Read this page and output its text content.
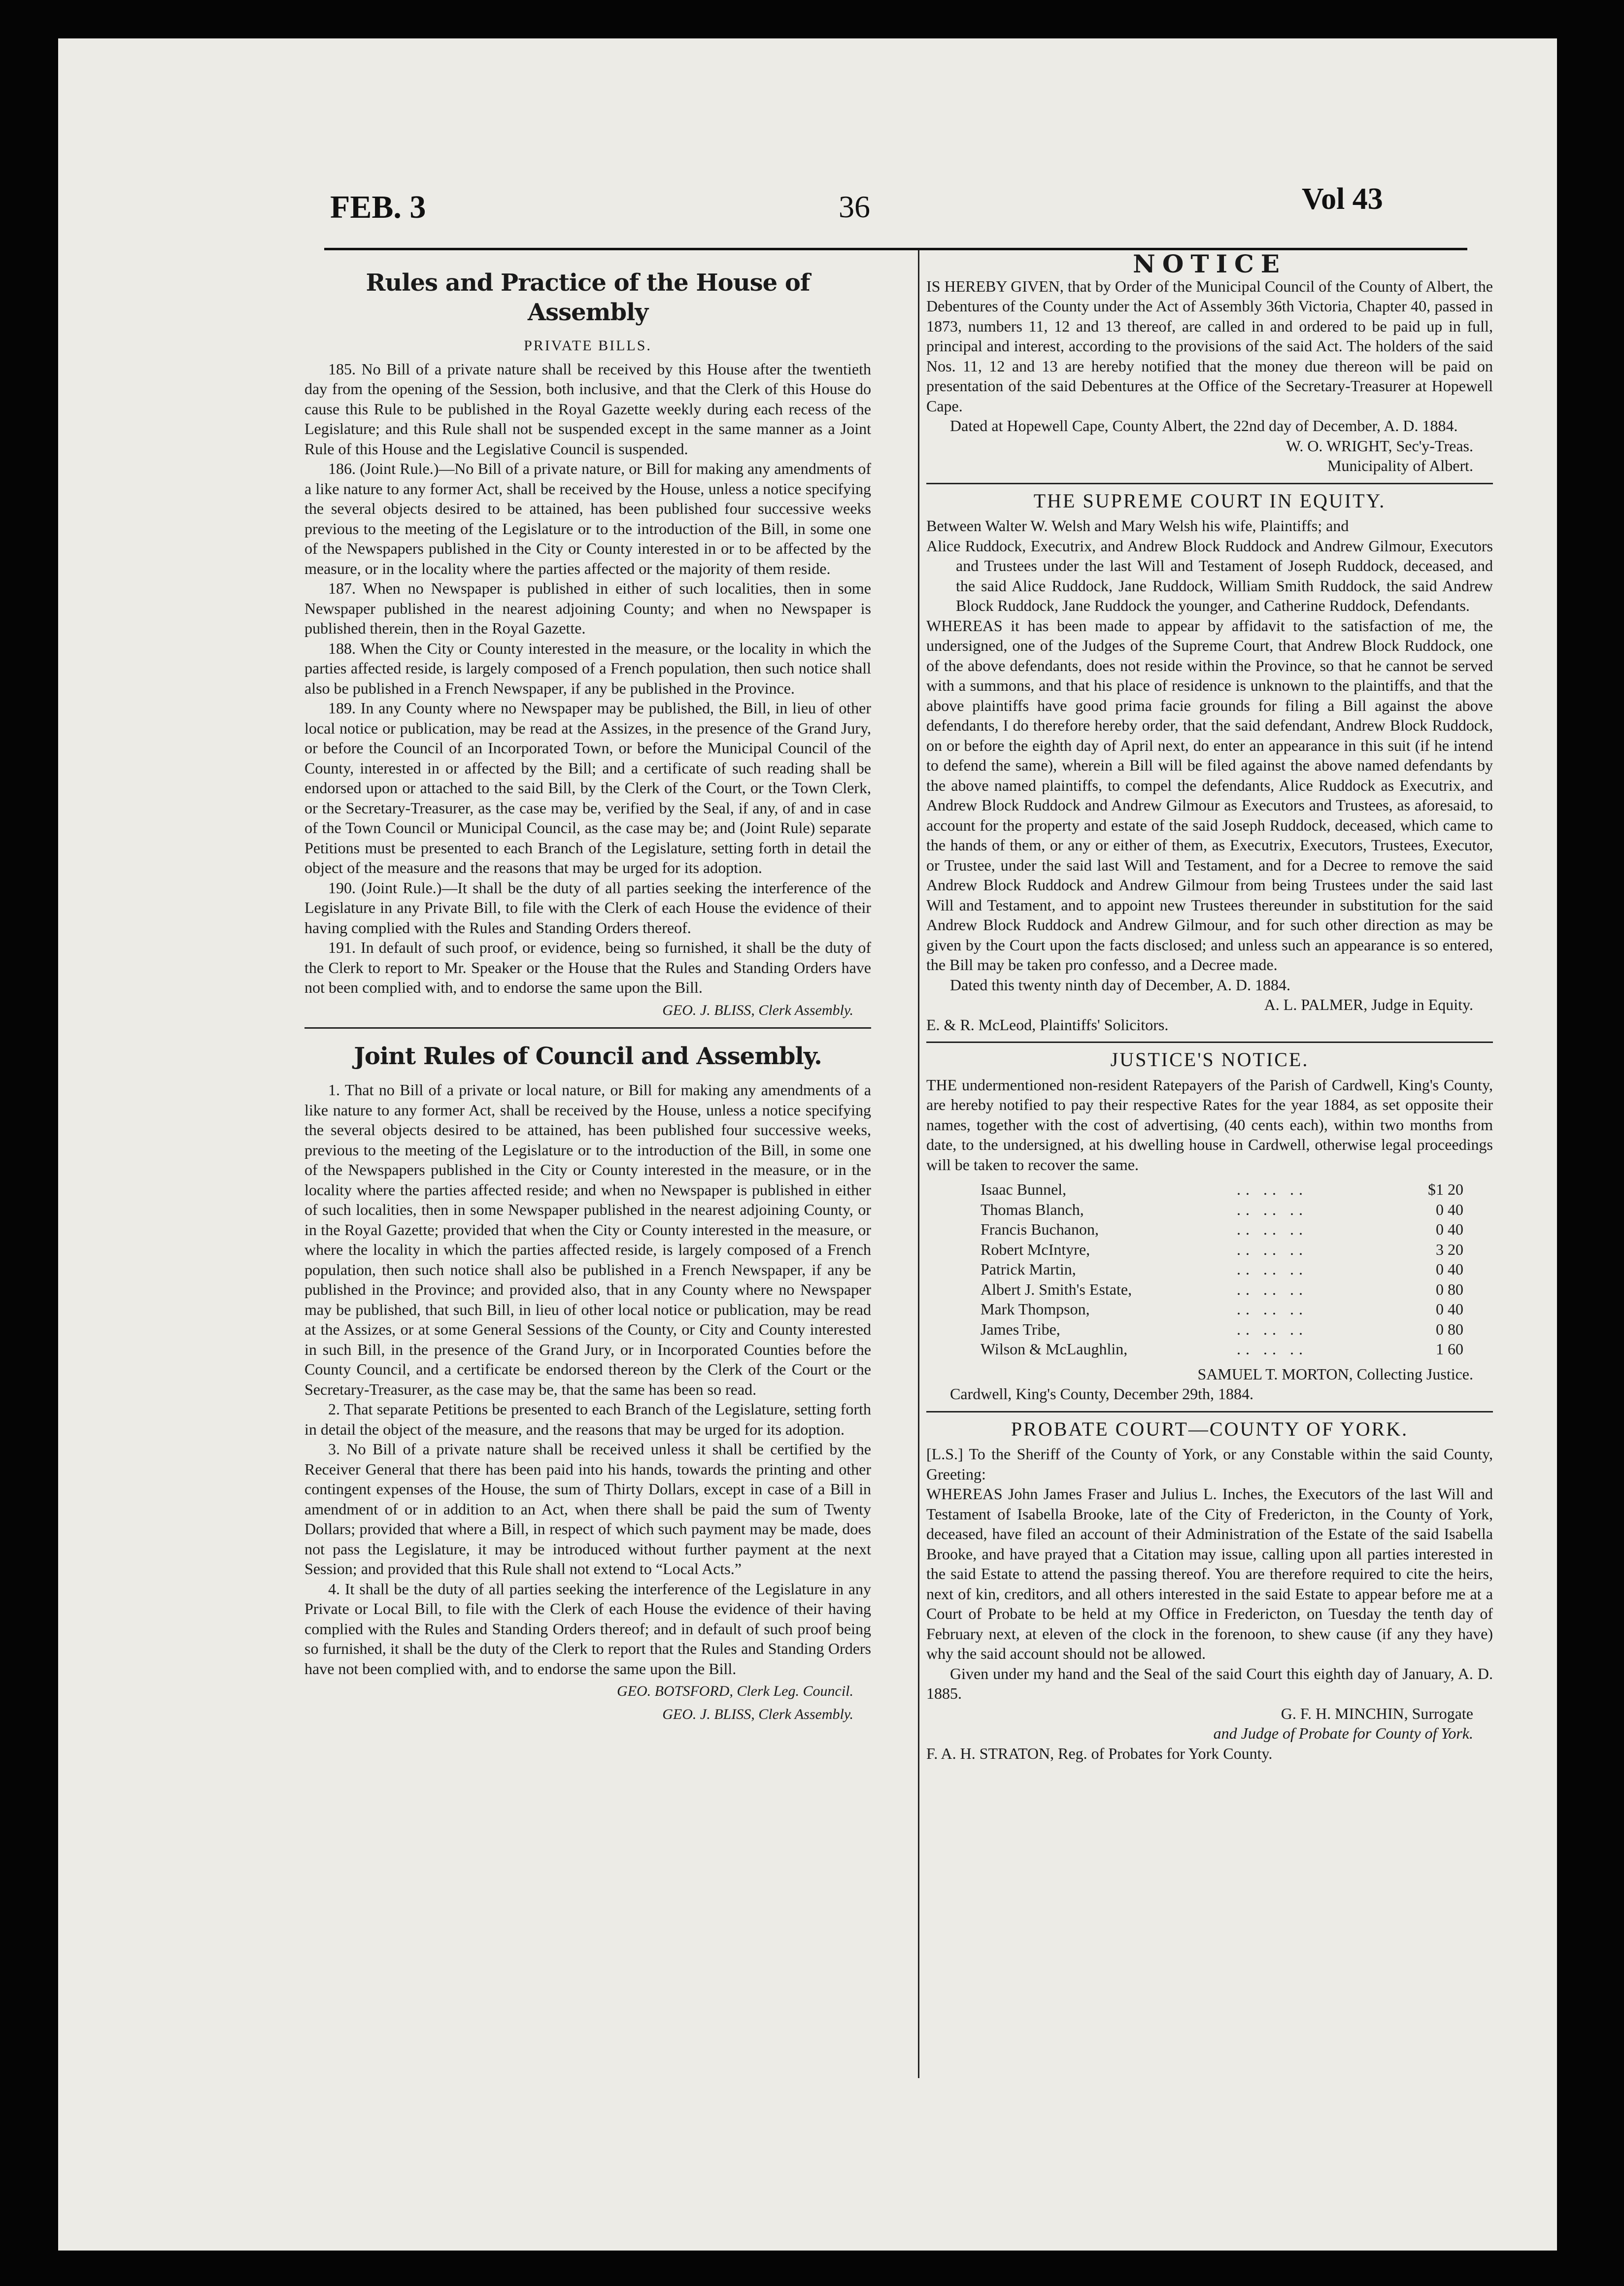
FEB. 3	36	Vol 43
Rules and Practice of the House of Assembly
PRIVATE BILLS.

185. No Bill of a private nature shall be received by this House after the twentieth day from the opening of the Session, both inclusive, and that the Clerk of this House do cause this Rule to be published in the Royal Gazette weekly during each recess of the Legislature; and this Rule shall not be suspended except in the same manner as a Joint Rule of this House and the Legislative Council is suspended.

186. (Joint Rule.)—No Bill of a private nature, or Bill for making any amendments of a like nature to any former Act, shall be received by the House, unless a notice specifying the several objects desired to be attained, has been published four successive weeks previous to the meeting of the Legislature or to the introduction of the Bill, in some one of the Newspapers published in the City or County interested in or to be affected by the measure, or in the locality where the parties affected or the majority of them reside.

187. When no Newspaper is published in either of such localities, then in some Newspaper published in the nearest adjoining County; and when no Newspaper is published therein, then in the Royal Gazette.

188. When the City or County interested in the measure, or the locality in which the parties affected reside, is largely composed of a French population, then such notice shall also be published in a French Newspaper, if any be published in the Province.

189. In any County where no Newspaper may be published, the Bill, in lieu of other local notice or publication, may be read at the Assizes, in the presence of the Grand Jury, or before the Council of an Incorporated Town, or before the Municipal Council of the County, interested in or affected by the Bill; and a certificate of such reading shall be endorsed upon or attached to the said Bill, by the Clerk of the Court, or the Town Clerk, or the Secretary-Treasurer, as the case may be, verified by the Seal, if any, of and in case of the Town Council or Municipal Council, as the case may be; and (Joint Rule) separate Petitions must be presented to each Branch of the Legislature, setting forth in detail the object of the measure and the reasons that may be urged for its adoption.

190. (Joint Rule.)—It shall be the duty of all parties seeking the interference of the Legislature in any Private Bill, to file with the Clerk of each House the evidence of their having complied with the Rules and Standing Orders thereof.

191. In default of such proof, or evidence, being so furnished, it shall be the duty of the Clerk to report to Mr. Speaker or the House that the Rules and Standing Orders have not been complied with, and to endorse the same upon the Bill.

GEO. J. BLISS, Clerk Assembly.
Joint Rules of Council and Assembly.

1. That no Bill of a private or local nature, or Bill for making any amendments of a like nature to any former Act, shall be received by the House, unless a notice specifying the several objects desired to be attained, has been published four successive weeks, previous to the meeting of the Legislature or to the introduction of the Bill, in some one of the Newspapers published in the City or County interested in the measure, or in the locality where the parties affected reside; and when no Newspaper is published in either of such localities, then in some Newspaper published in the nearest adjoining County, or in the Royal Gazette; provided that when the City or County interested in the measure, or where the locality in which the parties affected reside, is largely composed of a French population, then such notice shall also be published in a French Newspaper, if any be published in the Province; and provided also, that in any County where no Newspaper may be published, that such Bill, in lieu of other local notice or publication, may be read at the Assizes, or at some General Sessions of the County, or City and County interested in such Bill, in the presence of the Grand Jury, or in Incorporated Counties before the County Council, and a certificate be endorsed thereon by the Clerk of the Court or the Secretary-Treasurer, as the case may be, that the same has been so read.

2. That separate Petitions be presented to each Branch of the Legislature, setting forth in detail the object of the measure, and the reasons that may be urged for its adoption.

3. No Bill of a private nature shall be received unless it shall be certified by the Receiver General that there has been paid into his hands, towards the printing and other contingent expenses of the House, the sum of Thirty Dollars, except in case of a Bill in amendment of or in addition to an Act, when there shall be paid the sum of Twenty Dollars; provided that where a Bill, in respect of which such payment may be made, does not pass the Legislature, it may be introduced without further payment at the next Session; and provided that this Rule shall not extend to “Local Acts.”

4. It shall be the duty of all parties seeking the interference of the Legislature in any Private or Local Bill, to file with the Clerk of each House the evidence of their having complied with the Rules and Standing Orders thereof; and in default of such proof being so furnished, it shall be the duty of the Clerk to report that the Rules and Standing Orders have not been complied with, and to endorse the same upon the Bill.

GEO. BOTSFORD, Clerk Leg. Council.
GEO. J. BLISS, Clerk Assembly.
NOTICE

IS HEREBY GIVEN, that by Order of the Municipal Council of the County of Albert, the Debentures of the County under the Act of Assembly 36th Victoria, Chapter 40, passed in 1873, numbers 11, 12 and 13 thereof, are called in and ordered to be paid up in full, principal and interest, according to the provisions of the said Act. The holders of the said Nos. 11, 12 and 13 are hereby notified that the money due thereon will be paid on presentation of the said Debentures at the Office of the Secretary-Treasurer at Hopewell Cape.

Dated at Hopewell Cape, County Albert, the 22nd day of December, A. D. 1884.

W. O. WRIGHT, Sec'y-Treas.
Municipality of Albert.
THE SUPREME COURT IN EQUITY.

Between Walter W. Welsh and Mary Welsh his wife, Plaintiffs; and

Alice Ruddock, Executrix, and Andrew Block Ruddock and Andrew Gilmour, Executors and Trustees under the last Will and Testament of Joseph Ruddock, deceased, and the said Alice Ruddock, Jane Ruddock, William Smith Ruddock, the said Andrew Block Ruddock, Jane Ruddock the younger, and Catherine Ruddock, Defendants.

WHEREAS it has been made to appear by affidavit to the satisfaction of me, the undersigned, one of the Judges of the Supreme Court, that Andrew Block Ruddock, one of the above defendants, does not reside within the Province, so that he cannot be served with a summons, and that his place of residence is unknown to the plaintiffs, and that the above plaintiffs have good prima facie grounds for filing a Bill against the above defendants, I do therefore hereby order, that the said defendant, Andrew Block Ruddock, on or before the eighth day of April next, do enter an appearance in this suit (if he intend to defend the same), wherein a Bill will be filed against the above named defendants by the above named plaintiffs, to compel the defendants, Alice Ruddock as Executrix, and Andrew Block Ruddock and Andrew Gilmour as Executors and Trustees, as aforesaid, to account for the property and estate of the said Joseph Ruddock, deceased, which came to the hands of them, or any or either of them, as Executrix, Executors, Trustees, Executor, or Trustee, under the said last Will and Testament, and for a Decree to remove the said Andrew Block Ruddock and Andrew Gilmour from being Trustees under the said last Will and Testament, and to appoint new Trustees thereunder in substitution for the said Andrew Block Ruddock and Andrew Gilmour, and for such other direction as may be given by the Court upon the facts disclosed; and unless such an appearance is so entered, the Bill may be taken pro confesso, and a Decree made.

Dated this twenty ninth day of December, A. D. 1884.

A. L. PALMER, Judge in Equity.

E. & R. McLeod, Plaintiffs' Solicitors.

JUSTICE'S NOTICE.

THE undermentioned non-resident Ratepayers of the Parish of Cardwell, King's County, are hereby notified to pay their respective Rates for the year 1884, as set opposite their names, together with the cost of advertising, (40 cents each), within two months from date, to the undersigned, at his dwelling house in Cardwell, otherwise legal proceedings will be taken to recover the same.

Isaac Bunnel,	.. .. ..	$1 20
Thomas Blanch,	.. .. ..	0 40
Francis Buchanon,	.. .. ..	0 40
Robert McIntyre,	.. .. ..	3 20
Patrick Martin,	.. .. ..	0 40
Albert J. Smith's Estate,	.. .. ..	0 80
Mark Thompson,	.. .. ..	0 40
James Tribe,	.. .. ..	0 80
Wilson & McLaughlin,	.. .. ..	1 60
SAMUEL T. MORTON, Collecting Justice.

Cardwell, King's County, December 29th, 1884.

PROBATE COURT—COUNTY OF YORK.

[L.S.] To the Sheriff of the County of York, or any Constable within the said County, Greeting:

WHEREAS John James Fraser and Julius L. Inches, the Executors of the last Will and Testament of Isabella Brooke, late of the City of Fredericton, in the County of York, deceased, have filed an account of their Administration of the Estate of the said Isabella Brooke, and have prayed that a Citation may issue, calling upon all parties interested in the said Estate to attend the passing thereof. You are therefore required to cite the heirs, next of kin, creditors, and all others interested in the said Estate to appear before me at a Court of Probate to be held at my Office in Fredericton, on Tuesday the tenth day of February next, at eleven of the clock in the forenoon, to shew cause (if any they have) why the said account should not be allowed.

Given under my hand and the Seal of the said Court this eighth day of January, A. D. 1885.

G. F. H. MINCHIN, Surrogate
and Judge of Probate for County of York.

F. A. H. STRATON, Reg. of Probates for York County.
